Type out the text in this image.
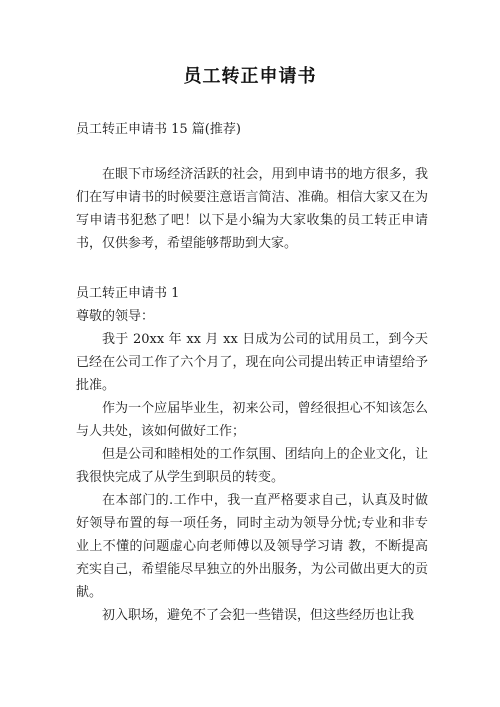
员工转正申请书

员工转正申请书 15 篇(推荐)

在眼下市场经济活跃的社会，用到申请书的地方很多，我们在写申请书的时候要注意语言简洁、准确。相信大家又在为写申请书犯愁了吧！以下是小编为大家收集的员工转正申请书，仅供参考，希望能够帮助到大家。

员工转正申请书 1

尊敬的领导：

我于 20xx 年 xx 月 xx 日成为公司的试用员工，到今天已经在公司工作了六个月了，现在向公司提出转正申请望给予批准。

作为一个应届毕业生，初来公司，曾经很担心不知该怎么与人共处，该如何做好工作；

但是公司和睦相处的工作氛围、团结向上的企业文化，让我很快完成了从学生到职员的转变。

在本部门的.工作中，我一直严格要求自己，认真及时做好领导布置的每一项任务，同时主动为领导分忧;专业和非专业上不懂的问题虚心向老师傅以及领导学习请 教，不断提高充实自己，希望能尽早独立的外出服务，为公司做出更大的贡献。

初入职场，避免不了会犯一些错误，但这些经历也让我
